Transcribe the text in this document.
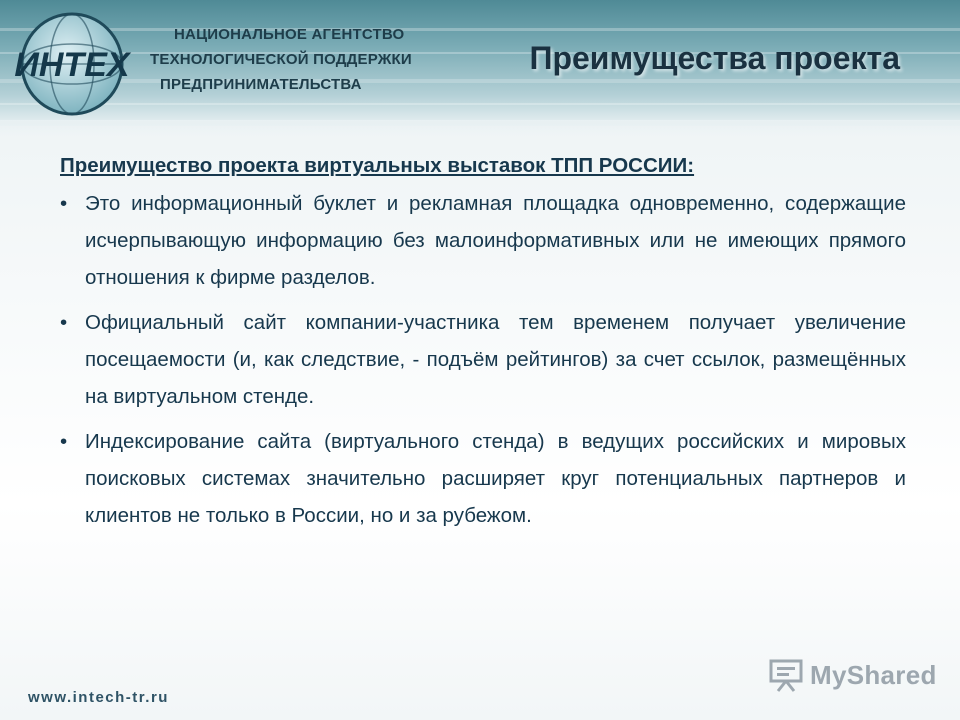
ИНТЕХ
НАЦИОНАЛЬНОЕ АГЕНТСТВО
ТЕХНОЛОГИЧЕСКОЙ ПОДДЕРЖКИ
ПРЕДПРИНИМАТЕЛЬСТВА
Преимущества проекта
Преимущество проекта виртуальных выставок ТПП РОССИИ:
• Это информационный буклет и рекламная площадка одновременно, содержащие исчерпывающую информацию без малоинформативных или не имеющих прямого отношения к фирме разделов.
• Официальный сайт компании-участника тем временем получает увеличение посещаемости (и, как следствие, - подъём рейтингов) за счет ссылок, размещённых на виртуальном стенде.
• Индексирование сайта (виртуального стенда) в ведущих российских и мировых поисковых системах значительно расширяет круг потенциальных партнеров и клиентов не только в России, но и за рубежом.
www.intech-tr.ru
MyShared
